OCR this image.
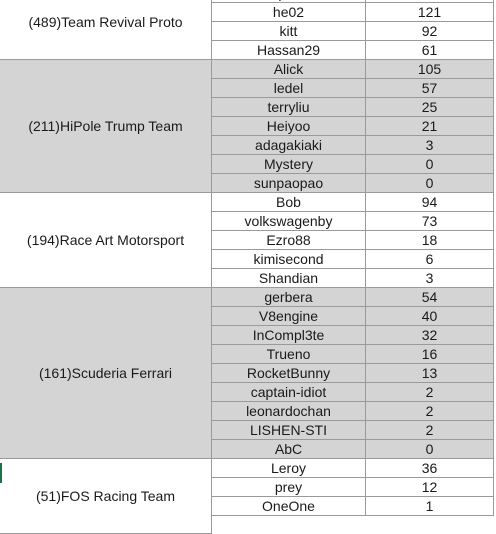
(489)Team Revival Proto
he02	121
kitt	92
Hassan29	61
(211)HiPole Trump Team
Alick	105
ledel	57
terryliu	25
Heiyoo	21
adagakiaki	3
Mystery	0
sunpaopao	0
(194)Race Art Motorsport
Bob	94
volkswagenby	73
Ezro88	18
kimisecond	6
Shandian	3
(161)Scuderia Ferrari
gerbera	54
V8engine	40
InCompl3te	32
Trueno	16
RocketBunny	13
captain-idiot	2
leonardochan	2
LISHEN-STI	2
AbC	0
(51)FOS Racing Team
Leroy	36
prey	12
OneOne	1
